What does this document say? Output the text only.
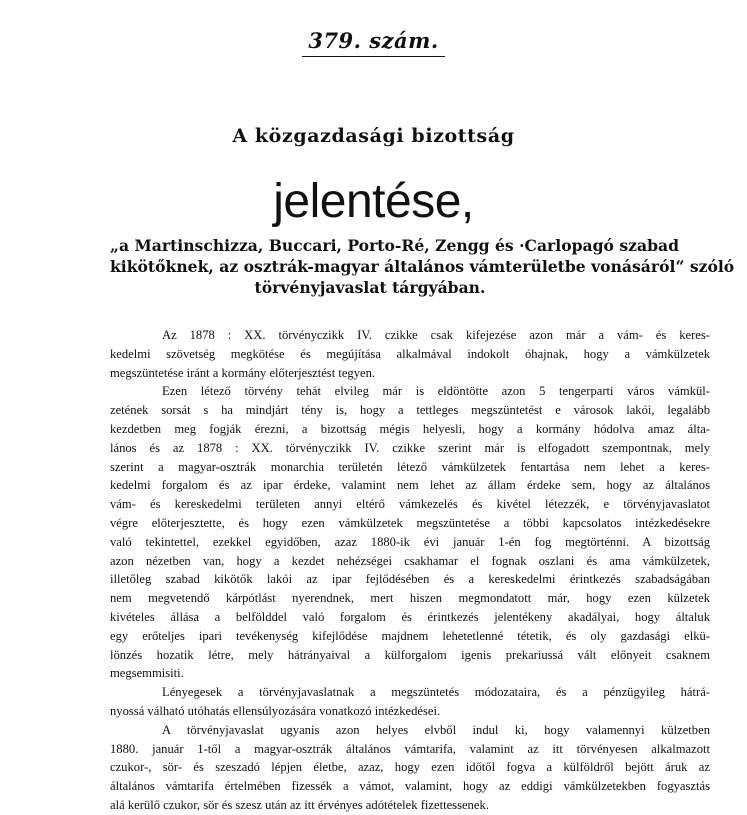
379. szám.
A közgazdasági bizottság
jelentése,
„a Martinschizza, Buccari, Porto-Ré, Zengg és ·Carlopagó szabad
kikötőknek, az osztrák-magyar általános vámterületbe vonásáról“ szóló
törvényjavaslat tárgyában.
Az 1878 : XX. törvényczikk IV. czikke csak kifejezése azon már a vám- és keres-
kedelmi szövetség megkötése és megújítása alkalmával indokolt óhajnak, hogy a vámkülzetek
megszüntetése iránt a kormány előterjesztést tegyen.
Ezen létező törvény tehát elvileg már is eldöntötte azon 5 tengerparti város vámkül-
zetének sorsát s ha mindjárt tény is, hogy a tettleges megszüntetést e városok lakói, legalább
kezdetben meg fogják érezni, a bizottság mégis helyesli, hogy a kormány hódolva amaz álta-
lános és az 1878 : XX. törvényczikk IV. czikke szerint már is elfogadott szempontnak, mely
szerint a magyar-osztrák monarchia területén létező vámkülzetek fentartása nem lehet a keres-
kedelmi forgalom és az ipar érdeke, valamint nem lehet az állam érdeke sem, hogy az általános
vám- és kereskedelmi területen annyi eltérő vámkezelés és kivétel létezzék, e törvényjavaslatot
végre előterjesztette, és hogy ezen vámkülzetek megszüntetése a többi kapcsolatos intézkedésekre
való tekintettel, ezekkel egyidőben, azaz 1880-ik évi január 1-én fog megtörténni. A bizottság
azon nézetben van, hogy a kezdet nehézségei csakhamar el fognak oszlani és ama vámkülzetek,
illetőleg szabad kikötők lakói az ipar fejlődésében és a kereskedelmi érintkezés szabadságában
nem megvetendő kárpótlást nyerendnek, mert hiszen megmondatott már, hogy ezen külzetek
kivételes állása a belfölddel való forgalom és érintkezés jelentékeny akadályai, hogy általuk
egy erőteljes ipari tevékenység kifejlődése majdnem lehetetlenné tétetik, és oly gazdasági elkü-
lönzés hozatik létre, mely hátrányaival a külforgalom igenis prekariussá vált előnyeit csaknem
megsemmisiti.
Lényegesek a törvényjavaslatnak a megszüntetés módozataira, és a pénzügyileg hátrá-
nyossá válható utóhatás ellensúlyozására vonatkozó intézkedései.
A törvényjavaslat ugyanis azon helyes elvből indul ki, hogy valamennyi külzetben
1880. január 1-től a magyar-osztrák általános vámtarifa, valamint az itt törvényesen alkalmazott
czukor-, sör- és szeszadó lépjen életbe, azaz, hogy ezen időtől fogva a külföldről bejött áruk az
általános vámtarifa értelmében fizessék a vámot, valamint, hogy az eddigi vámkülzetekben fogyasztás
alá kerülő czukor, sör és szesz után az itt érvényes adótételek fizettessenek.
